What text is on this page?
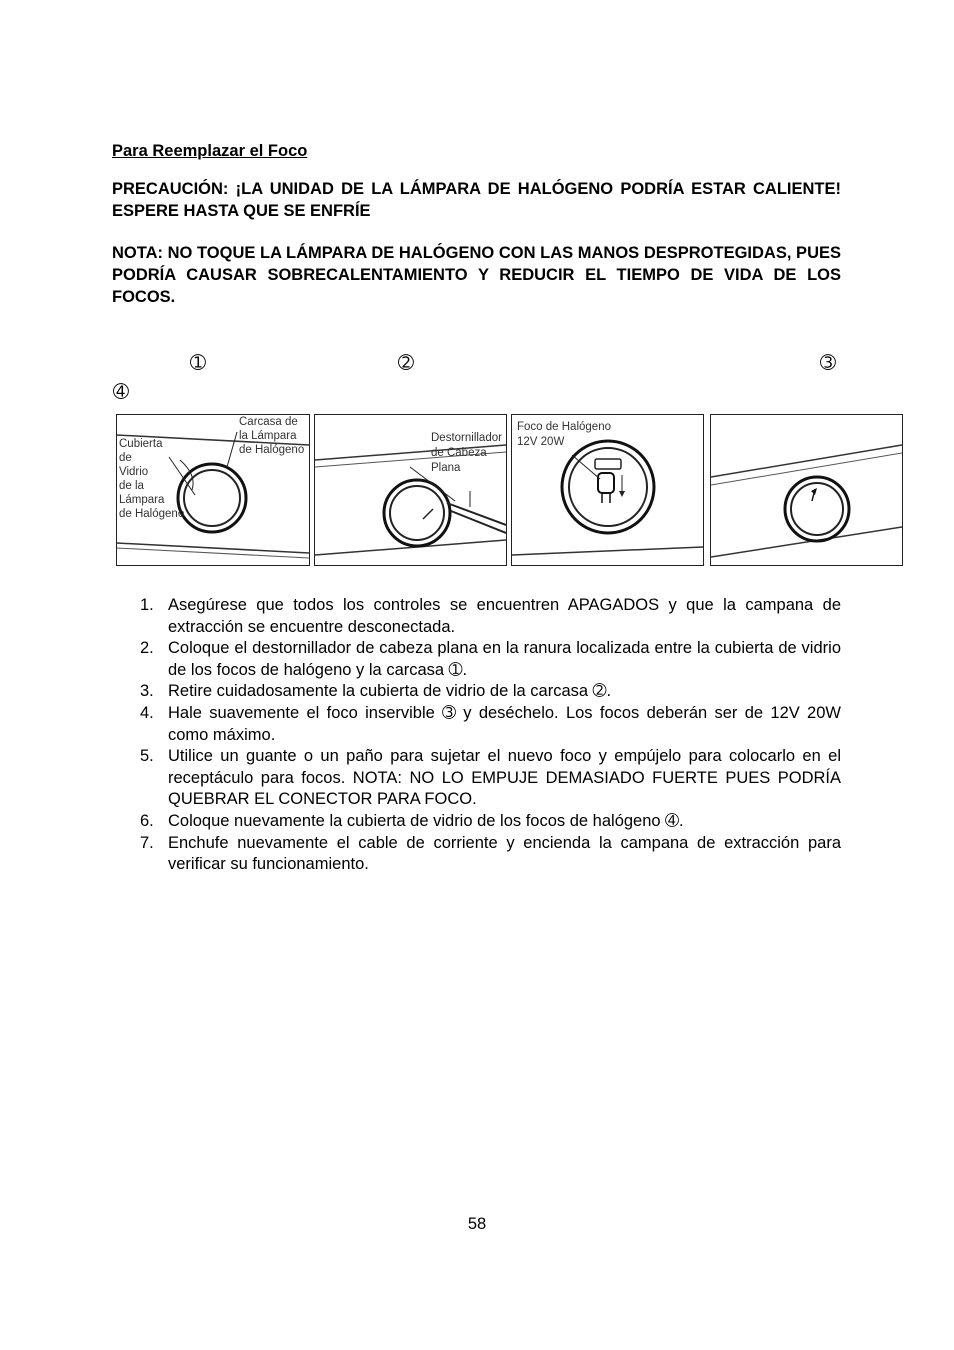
Para Reemplazar el Foco
PRECAUCIÓN: ¡LA UNIDAD DE LA LÁMPARA DE HALÓGENO PODRÍA ESTAR CALIENTE! ESPERE HASTA QUE SE ENFRÍE
NOTA: NO TOQUE LA LÁMPARA DE HALÓGENO CON LAS MANOS DESPROTEGIDAS, PUES PODRÍA CAUSAR SOBRECALENTAMIENTO Y REDUCIR EL TIEMPO DE VIDA DE LOS FOCOS.
➀	➁	➂
➃
Carcasa de
la Lámpara
de Halógeno
Cubierta
de
Vidrio
de la
Lámpara
de Halógeno
Destornillador
de Cabeza
Plana
Foco de Halógeno
12V 20W
1. Asegúrese que todos los controles se encuentren APAGADOS y que la campana de extracción se encuentre desconectada.
2. Coloque el destornillador de cabeza plana en la ranura localizada entre la cubierta de vidrio de los focos de halógeno y la carcasa ➀.
3. Retire cuidadosamente la cubierta de vidrio de la carcasa ➁.
4. Hale suavemente el foco inservible ➂ y deséchelo. Los focos deberán ser de 12V 20W como máximo.
5. Utilice un guante o un paño para sujetar el nuevo foco y empújelo para colocarlo en el receptáculo para focos. NOTA: NO LO EMPUJE DEMASIADO FUERTE PUES PODRÍA QUEBRAR EL CONECTOR PARA FOCO.
6. Coloque nuevamente la cubierta de vidrio de los focos de halógeno ➃.
7. Enchufe nuevamente el cable de corriente y encienda la campana de extracción para verificar su funcionamiento.
58
